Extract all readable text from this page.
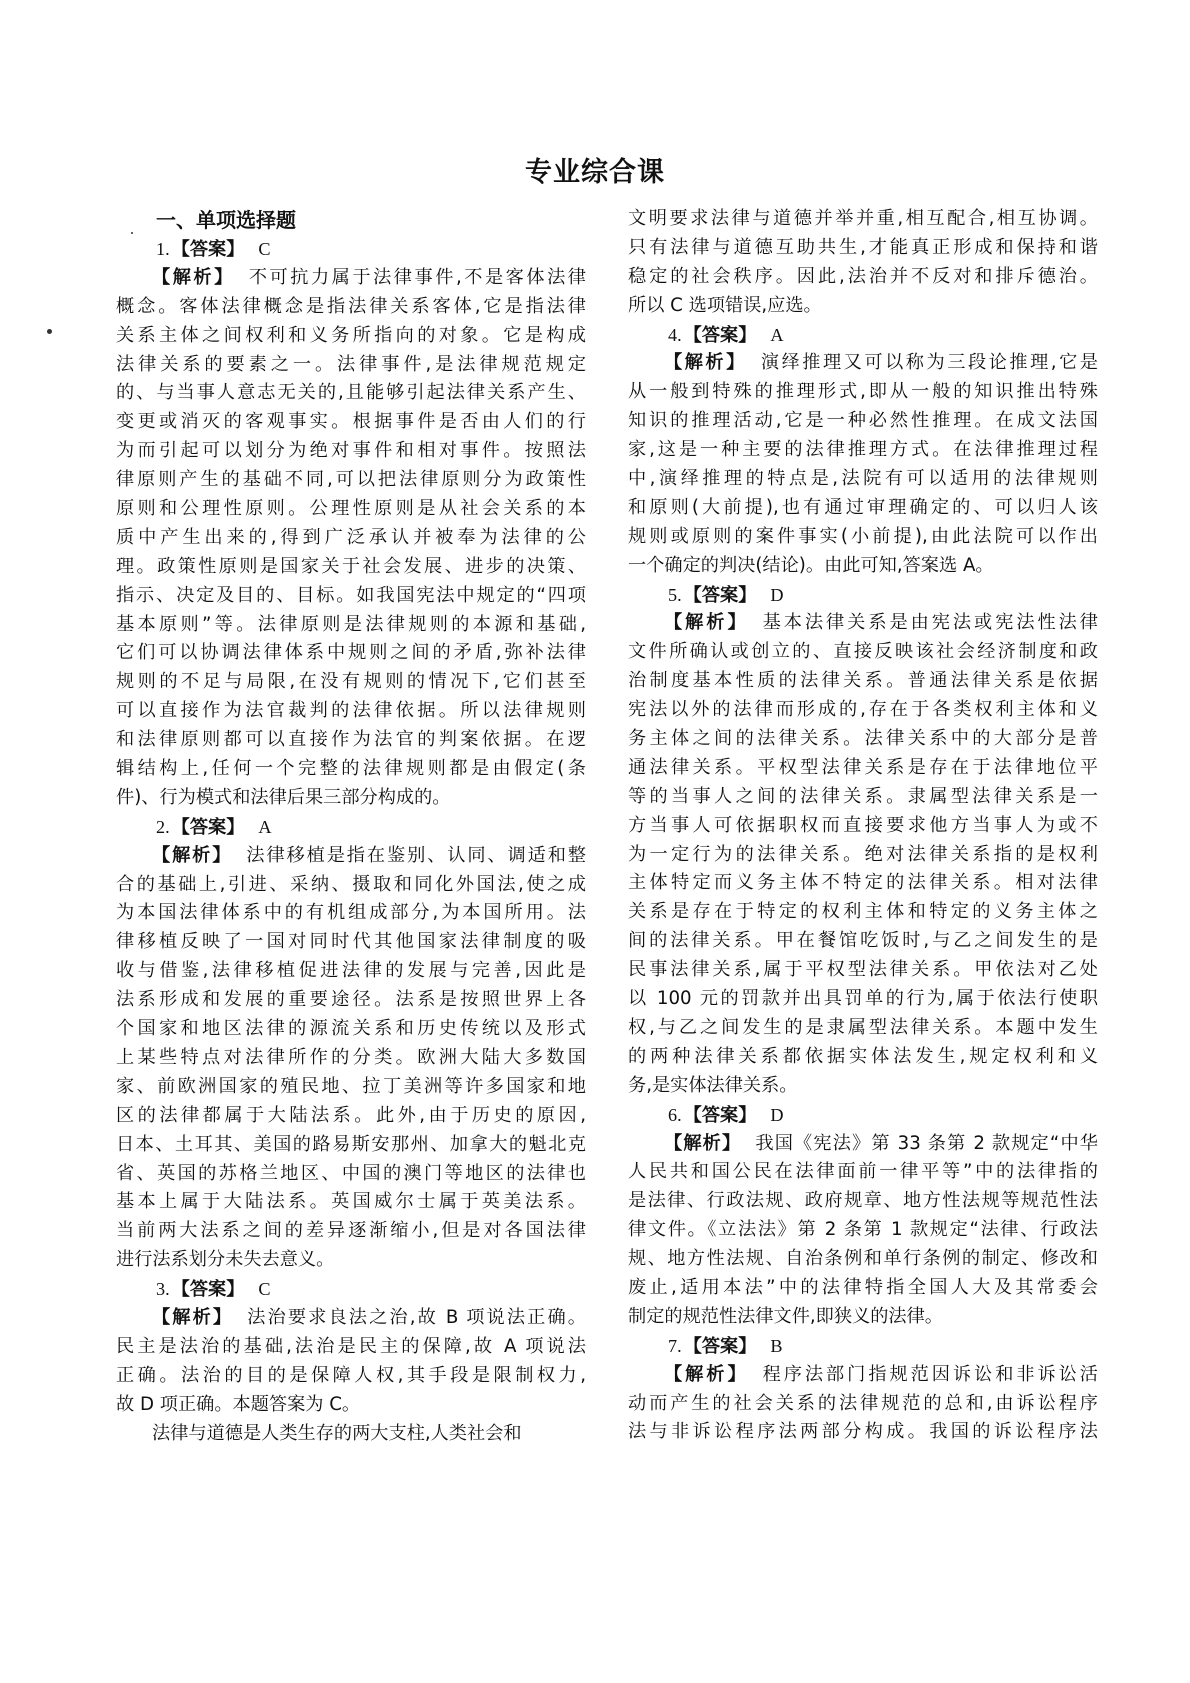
专业综合课
一、单项选择题
1. 【答案】 C
【解析】 不可抗力属于法律事件,不是客体法律
概念。客体法律概念是指法律关系客体,它是指法律
关系主体之间权利和义务所指向的对象。它是构成
法律关系的要素之一。法律事件,是法律规范规定
的、与当事人意志无关的,且能够引起法律关系产生、
变更或消灭的客观事实。根据事件是否由人们的行
为而引起可以划分为绝对事件和相对事件。按照法
律原则产生的基础不同,可以把法律原则分为政策性
原则和公理性原则。公理性原则是从社会关系的本
质中产生出来的,得到广泛承认并被奉为法律的公
理。政策性原则是国家关于社会发展、进步的决策、
指示、决定及目的、目标。如我国宪法中规定的“四项
基本原则”等。法律原则是法律规则的本源和基础,
它们可以协调法律体系中规则之间的矛盾,弥补法律
规则的不足与局限,在没有规则的情况下,它们甚至
可以直接作为法官裁判的法律依据。所以法律规则
和法律原则都可以直接作为法官的判案依据。在逻
辑结构上,任何一个完整的法律规则都是由假定(条
件)、行为模式和法律后果三部分构成的。
2. 【答案】 A
【解析】 法律移植是指在鉴别、认同、调适和整
合的基础上,引进、采纳、摄取和同化外国法,使之成
为本国法律体系中的有机组成部分,为本国所用。法
律移植反映了一国对同时代其他国家法律制度的吸
收与借鉴,法律移植促进法律的发展与完善,因此是
法系形成和发展的重要途径。法系是按照世界上各
个国家和地区法律的源流关系和历史传统以及形式
上某些特点对法律所作的分类。欧洲大陆大多数国
家、前欧洲国家的殖民地、拉丁美洲等许多国家和地
区的法律都属于大陆法系。此外,由于历史的原因,
日本、土耳其、美国的路易斯安那州、加拿大的魁北克
省、英国的苏格兰地区、中国的澳门等地区的法律也
基本上属于大陆法系。英国威尔士属于英美法系。
当前两大法系之间的差异逐渐缩小,但是对各国法律
进行法系划分未失去意义。
3. 【答案】 C
【解析】 法治要求良法之治,故 B 项说法正确。
民主是法治的基础,法治是民主的保障,故 A 项说法
正确。法治的目的是保障人权,其手段是限制权力,
故 D 项正确。本题答案为 C。
法律与道德是人类生存的两大支柱,人类社会和
文明要求法律与道德并举并重,相互配合,相互协调。
只有法律与道德互助共生,才能真正形成和保持和谐
稳定的社会秩序。因此,法治并不反对和排斥德治。
所以 C 选项错误,应选。
4. 【答案】 A
【解析】 演绎推理又可以称为三段论推理,它是
从一般到特殊的推理形式,即从一般的知识推出特殊
知识的推理活动,它是一种必然性推理。在成文法国
家,这是一种主要的法律推理方式。在法律推理过程
中,演绎推理的特点是,法院有可以适用的法律规则
和原则(大前提),也有通过审理确定的、可以归人该
规则或原则的案件事实(小前提),由此法院可以作出
一个确定的判决(结论)。由此可知,答案选 A。
5. 【答案】 D
【解析】 基本法律关系是由宪法或宪法性法律
文件所确认或创立的、直接反映该社会经济制度和政
治制度基本性质的法律关系。普通法律关系是依据
宪法以外的法律而形成的,存在于各类权利主体和义
务主体之间的法律关系。法律关系中的大部分是普
通法律关系。平权型法律关系是存在于法律地位平
等的当事人之间的法律关系。隶属型法律关系是一
方当事人可依据职权而直接要求他方当事人为或不
为一定行为的法律关系。绝对法律关系指的是权利
主体特定而义务主体不特定的法律关系。相对法律
关系是存在于特定的权利主体和特定的义务主体之
间的法律关系。甲在餐馆吃饭时,与乙之间发生的是
民事法律关系,属于平权型法律关系。甲依法对乙处
以 100 元的罚款并出具罚单的行为,属于依法行使职
权,与乙之间发生的是隶属型法律关系。本题中发生
的两种法律关系都依据实体法发生,规定权利和义
务,是实体法律关系。
6. 【答案】 D
【解析】 我国《宪法》第 33 条第 2 款规定“中华
人民共和国公民在法律面前一律平等”中的法律指的
是法律、行政法规、政府规章、地方性法规等规范性法
律文件。《立法法》第 2 条第 1 款规定“法律、行政法
规、地方性法规、自治条例和单行条例的制定、修改和
废止,适用本法”中的法律特指全国人大及其常委会
制定的规范性法律文件,即狭义的法律。
7. 【答案】 B
【解析】 程序法部门指规范因诉讼和非诉讼活
动而产生的社会关系的法律规范的总和,由诉讼程序
法与非诉讼程序法两部分构成。我国的诉讼程序法
